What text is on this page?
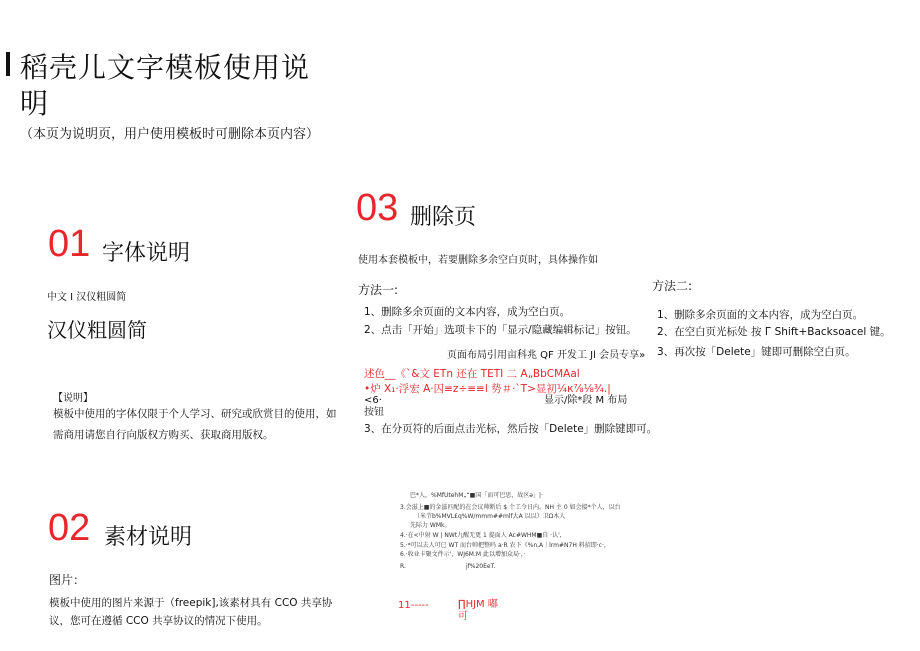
稻壳儿文字模板使用说明
（本页为说明页，用户使用模板时可删除本页内容）
01 字体说明
中文 I 汉仪粗圆简
汉仪粗圆简
【说明】
模板中使用的字体仅限于个人学习、研究或欣赏目的使用，如
需商用请您自行向版权方购买、获取商用版权。
02 素材说明
图片：
模板中使用的图片来源于（freepik],该素材具有 CCO 共享协
议，您可在遵循 CCO 共享协议的情况下使用。
03 删除页
使用本套模板中，若要删除多余空白页时，具体操作如
方法一:
1、删除多余页面的文本内容，成为空白页。
2、点击「开始」选项卡下的「显示/隐藏编辑标记」按钮。
页面布局引用亩科兆 QF 开发工 Jl 会员专享»
述色__《`&文 ETn 还在 TETI 二 A„BbCMAal
•炉 X₁·浮宏 A·囚≡z÷≡≡l 势＃·`T>显初¼к⅞⅛¾.|
<6·	显示/除*段 M 布局
按钮
3、在分页符的后面点击光标，然后按「Delete」删除键即可。
方法二:
1、删除多余页面的文本内容，成为空白页。
2、在空白页光标处 按 Г Shift+Backsoacel 键。
3、再次按「Delete」键即可删除空白页。
巴*人，%MfUtehM„“■国「而可巴思，故区ə」|·
3.会滋上■的金滋匹配的在会议帅断后 $ 个工令日内，NH 主 0 如会接*个人，以台
（米节b%MVL£q%W/mmm##mlf大A 以以）卫Ω木人
先际力 WMk。
4.·在<中射 W | NWt九醒无更 1 提面人 Ac#WHM■自 ·认',
5.·*可以去人可已 WT 而台帅把整吗 a·R 农下《%n,A｜lrm#N7H 料招即·c·，
6.·收业卡聚文件示'，WJ6M.M 此以增加众局·，·
R.	jf%20EeT.
11-----	∏HJM 嘟
可
